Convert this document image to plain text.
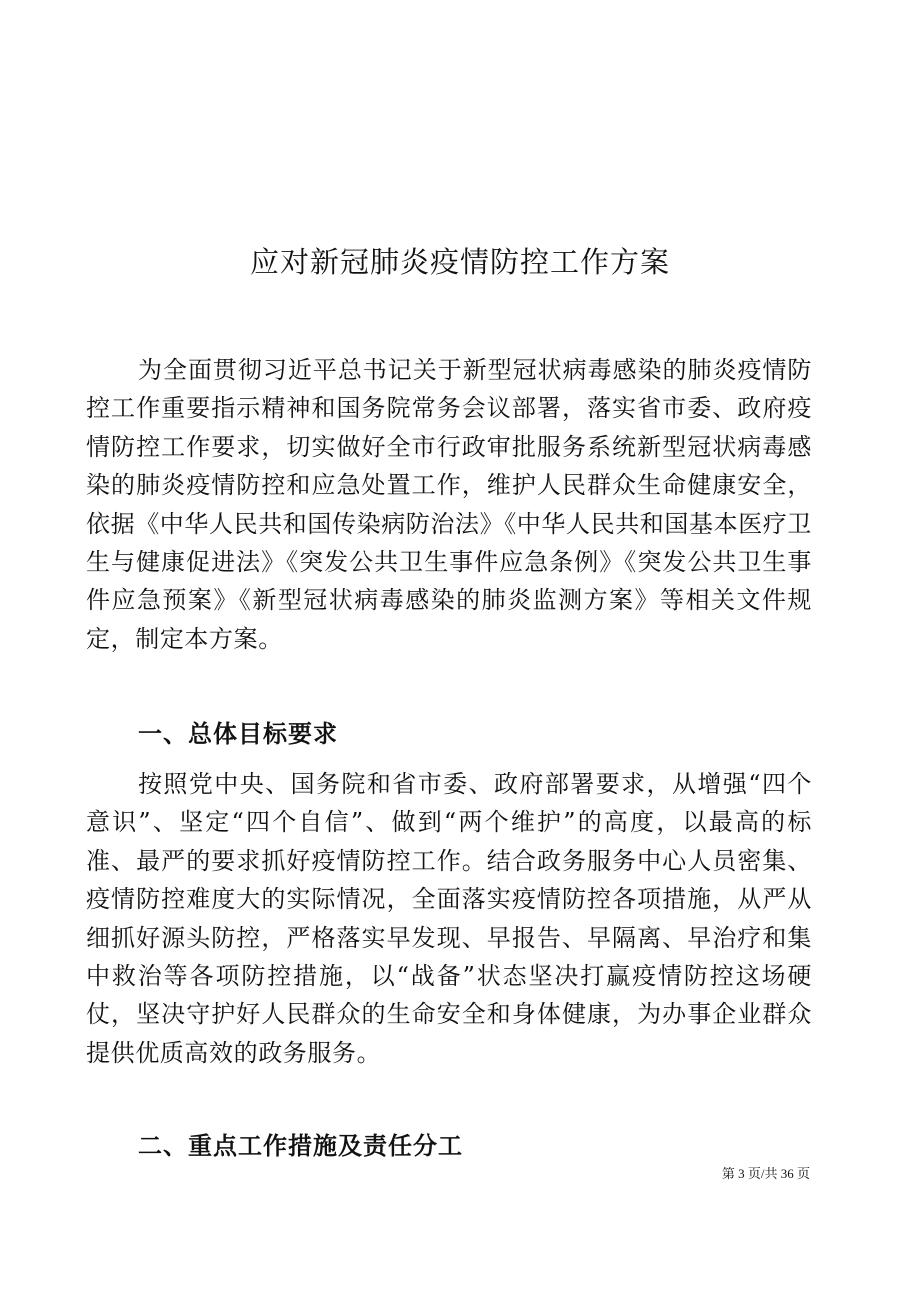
应对新冠肺炎疫情防控工作方案

为全面贯彻习近平总书记关于新型冠状病毒感染的肺炎疫情防控工作重要指示精神和国务院常务会议部署，落实省市委、政府疫情防控工作要求，切实做好全市行政审批服务系统新型冠状病毒感染的肺炎疫情防控和应急处置工作，维护人民群众生命健康安全，依据《中华人民共和国传染病防治法》《中华人民共和国基本医疗卫生与健康促进法》《突发公共卫生事件应急条例》《突发公共卫生事件应急预案》《新型冠状病毒感染的肺炎监测方案》等相关文件规定，制定本方案。

一、总体目标要求

按照党中央、国务院和省市委、政府部署要求，从增强“四个意识”、坚定“四个自信”、做到“两个维护”的高度，以最高的标准、最严的要求抓好疫情防控工作。结合政务服务中心人员密集、疫情防控难度大的实际情况，全面落实疫情防控各项措施，从严从细抓好源头防控，严格落实早发现、早报告、早隔离、早治疗和集中救治等各项防控措施，以“战备”状态坚决打赢疫情防控这场硬仗，坚决守护好人民群众的生命安全和身体健康，为办事企业群众提供优质高效的政务服务。

二、重点工作措施及责任分工
第 3 页/共 36 页
